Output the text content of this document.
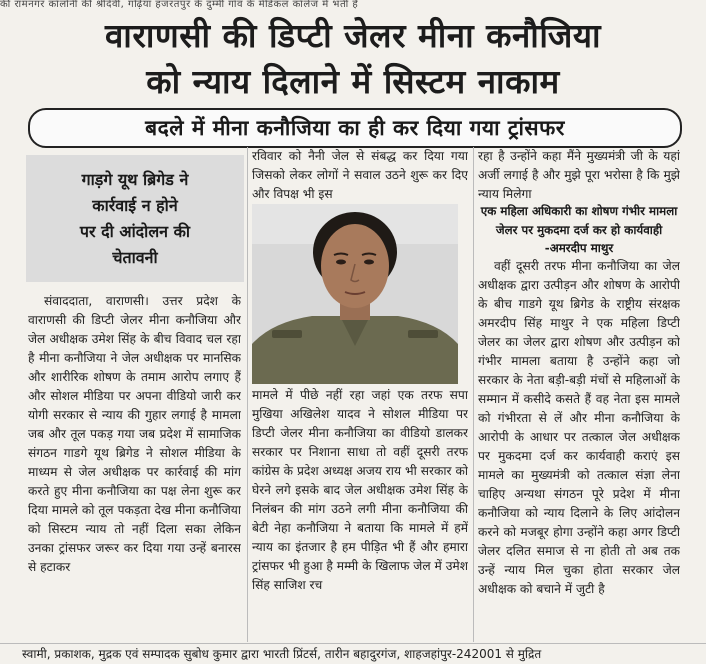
की रामनगर कॉलोनी की श्रीदेवी, गढ़िया हजरतपुर के दुम्मी गाँव के मेडिकल कॉलेज में भर्ती है
वाराणसी की डिप्टी जेलर मीना कनौजिया
को न्याय दिलाने में सिस्टम नाकाम
बदले में मीना कनौजिया का ही कर दिया गया ट्रांसफर
गाड़गे यूथ ब्रिगेड ने
कार्रवाई न होने
पर दी आंदोलन की
चेतावनी
संवाददाता, वाराणसी। उत्तर प्रदेश के वाराणसी की डिप्टी जेलर मीना कनौजिया और जेल अधीक्षक उमेश सिंह के बीच विवाद चल रहा है मीना कनौजिया ने जेल अधीक्षक पर मानसिक और शारीरिक शोषण के तमाम आरोप लगाए हैं और सोशल मीडिया पर अपना वीडियो जारी कर योगी सरकार से न्याय की गुहार लगाई है मामला जब और तूल पकड़ गया जब प्रदेश में सामाजिक संगठन गाडगे यूथ ब्रिगेड ने सोशल मीडिया के माध्यम से जेल अधीक्षक पर कार्रवाई की मांग करते हुए मीना कनौजिया का पक्ष लेना शुरू कर दिया मामले को तूल पकड़ता देख मीना कनौजिया को सिस्टम न्याय तो नहीं दिला सका लेकिन उनका ट्रांसफर जरूर कर दिया गया उन्हें बनारस से हटाकर
रविवार को नैनी जेल से संबद्ध कर दिया गया जिसको लेकर लोगों ने सवाल उठने शुरू कर दिए और विपक्ष भी इस
मामले में पीछे नहीं रहा जहां एक तरफ सपा मुखिया अखिलेश यादव ने सोशल मीडिया पर डिप्टी जेलर मीना कनौजिया का वीडियो डालकर सरकार पर निशाना साधा तो वहीं दूसरी तरफ कांग्रेस के प्रदेश अध्यक्ष अजय राय भी सरकार को घेरने लगे इसके बाद जेल अधीक्षक उमेश सिंह के निलंबन की मांग उठने लगी मीना कनौजिया की बेटी नेहा कनौजिया ने बताया कि मामले में हमें न्याय का इंतजार है हम पीड़ित भी हैं और हमारा ट्रांसफर भी हुआ है मम्मी के खिलाफ जेल में उमेश सिंह साजिश रच
रहा है उन्होंने कहा मैंने मुख्यमंत्री जी के यहां अर्जी लगाई है और मुझे पूरा भरोसा है कि मुझे न्याय मिलेगा
एक महिला अधिकारी का शोषण गंभीर मामला जेलर पर मुकदमा दर्ज कर हो कार्यवाही -अमरदीप माथुर
वहीं दूसरी तरफ मीना कनौजिया का जेल अधीक्षक द्वारा उत्पीड़न और शोषण के आरोपी के बीच गाडगे यूथ ब्रिगेड के राष्ट्रीय संरक्षक अमरदीप सिंह माथुर ने एक महिला डिप्टी जेलर का जेलर द्वारा शोषण और उत्पीड़न को गंभीर मामला बताया है उन्होंने कहा जो सरकार के नेता बड़ी-बड़ी मंचों से महिलाओं के सम्मान में कसीदे कसते हैं वह नेता इस मामले को गंभीरता से लें और मीना कनौजिया के आरोपी के आधार पर तत्काल जेल अधीक्षक पर मुकदमा दर्ज कर कार्यवाही कराएं इस मामले का मुख्यमंत्री को तत्काल संज्ञा लेना चाहिए अन्यथा संगठन पूरे प्रदेश में मीना कनौजिया को न्याय दिलाने के लिए आंदोलन करने को मजबूर होगा उन्होंने कहा अगर डिप्टी जेलर दलित समाज से ना होती तो अब तक उन्हें न्याय मिल चुका होता सरकार जेल अधीक्षक को बचाने में जुटी है
स्वामी, प्रकाशक, मुद्रक एवं सम्पादक सुबोध कुमार द्वारा भारती प्रिंटर्स, तारीन बहादुरगंज, शाहजहांपुर-242001 से मुद्रित
